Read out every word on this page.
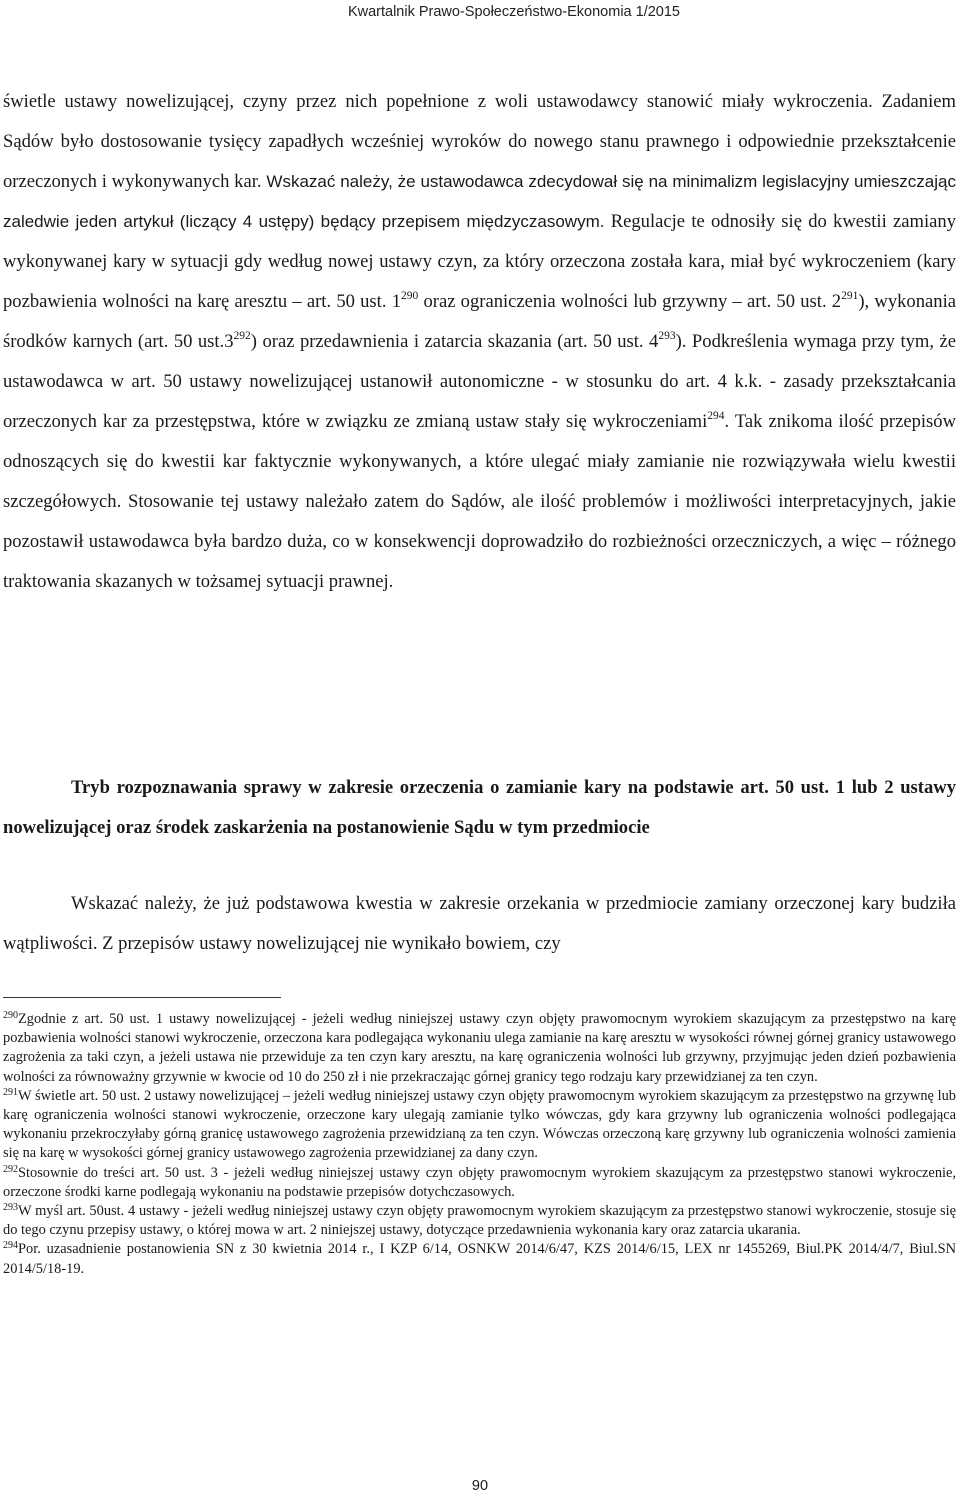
Kwartalnik Prawo-Społeczeństwo-Ekonomia 1/2015

świetle ustawy nowelizującej, czyny przez nich popełnione z woli ustawodawcy stanowić miały wykroczenia. Zadaniem Sądów było dostosowanie tysięcy zapadłych wcześniej wyroków do nowego stanu prawnego i odpowiednie przekształcenie orzeczonych i wykonywanych kar. Wskazać należy, że ustawodawca zdecydował się na minimalizm legislacyjny umieszczając zaledwie jeden artykuł (liczący 4 ustępy) będący przepisem międzyczasowym. Regulacje te odnosiły się do kwestii zamiany wykonywanej kary w sytuacji gdy według nowej ustawy czyn, za który orzeczona została kara, miał być wykroczeniem (kary pozbawienia wolności na karę aresztu – art. 50 ust. $1^{290}$ oraz ograniczenia wolności lub grzywny – art. 50 ust. $2^{291}$), wykonania środków karnych (art. 50 $ust.3^{292}$) oraz przedawnienia i zatarcia skazania (art. 50 ust. $4^{293}$). Podkreślenia wymaga przy tym, że ustawodawca w art. 50 ustawy nowelizującej ustanowił autonomiczne - w stosunku do art. 4 k.k. - zasady przekształcania orzeczonych kar za przestępstwa, które w związku ze zmianą ustaw stały się wykroczeniami$^{294}$. Tak znikoma ilość przepisów odnoszących się do kwestii kar faktycznie wykonywanych, a które ulegać miały zamianie nie rozwiązywała wielu kwestii szczegółowych. Stosowanie tej ustawy należało zatem do Sądów, ale ilość problemów i możliwości interpretacyjnych, jakie pozostawił ustawodawca była bardzo duża, co w konsekwencji doprowadziło do rozbieżności orzeczniczych, a więc – różnego traktowania skazanych w tożsamej sytuacji prawnej.

Tryb rozpoznawania sprawy w zakresie orzeczenia o zamianie kary na podstawie art. 50 ust. 1 lub 2 ustawy nowelizującej oraz środek zaskarżenia na postanowienie Sądu w tym przedmiocie
Wskazać należy, że już podstawowa kwestia w zakresie orzekania w przedmiocie zamiany orzeczonej kary budziła wątpliwości. Z przepisów ustawy nowelizującej nie wynikało bowiem, czy

$^{290}$Zgodnie z art. 50 ust. 1 ustawy nowelizującej - jeżeli według niniejszej ustawy czyn objęty prawomocnym wyrokiem skazującym za przestępstwo na karę pozbawienia wolności stanowi wykroczenie, orzeczona kara podlegająca wykonaniu ulega zamianie na karę aresztu w wysokości równej górnej granicy ustawowego zagrożenia za taki czyn, a jeżeli ustawa nie przewiduje za ten czyn kary aresztu, na karę ograniczenia wolności lub grzywny, przyjmując jeden dzień pozbawienia wolności za równoważny grzywnie w kwocie od 10 do 250 zł i nie przekraczając górnej granicy tego rodzaju kary przewidzianej za ten czyn.

$^{291}$W świetle art. 50 ust. 2 ustawy nowelizującej – jeżeli według niniejszej ustawy czyn objęty prawomocnym wyrokiem skazującym za przestępstwo na grzywnę lub karę ograniczenia wolności stanowi wykroczenie, orzeczone kary ulegają zamianie tylko wówczas, gdy kara grzywny lub ograniczenia wolności podlegająca wykonaniu przekroczyłaby górną granicę ustawowego zagrożenia przewidzianą za ten czyn. Wówczas orzeczoną karę grzywny lub ograniczenia wolności zamienia się na karę w wysokości górnej granicy ustawowego zagrożenia przewidzianej za dany czyn.

$^{292}$Stosownie do treści art. 50 ust. 3 - jeżeli według niniejszej ustawy czyn objęty prawomocnym wyrokiem skazującym za przestępstwo stanowi wykroczenie, orzeczone środki karne podlegają wykonaniu na podstawie przepisów dotychczasowych.

$^{293}$W myśl art. 50ust. 4 ustawy - jeżeli według niniejszej ustawy czyn objęty prawomocnym wyrokiem skazującym za przestępstwo stanowi wykroczenie, stosuje się do tego czynu przepisy ustawy, o której mowa w art. 2 niniejszej ustawy, dotyczące przedawnienia wykonania kary oraz zatarcia ukarania.

$^{294}$Por. uzasadnienie postanowienia SN z 30 kwietnia 2014 r., I KZP 6/14, OSNKW 2014/6/47, KZS 2014/6/15, LEX nr 1455269, Biul.PK 2014/4/7, Biul.SN 2014/5/18-19.

90
